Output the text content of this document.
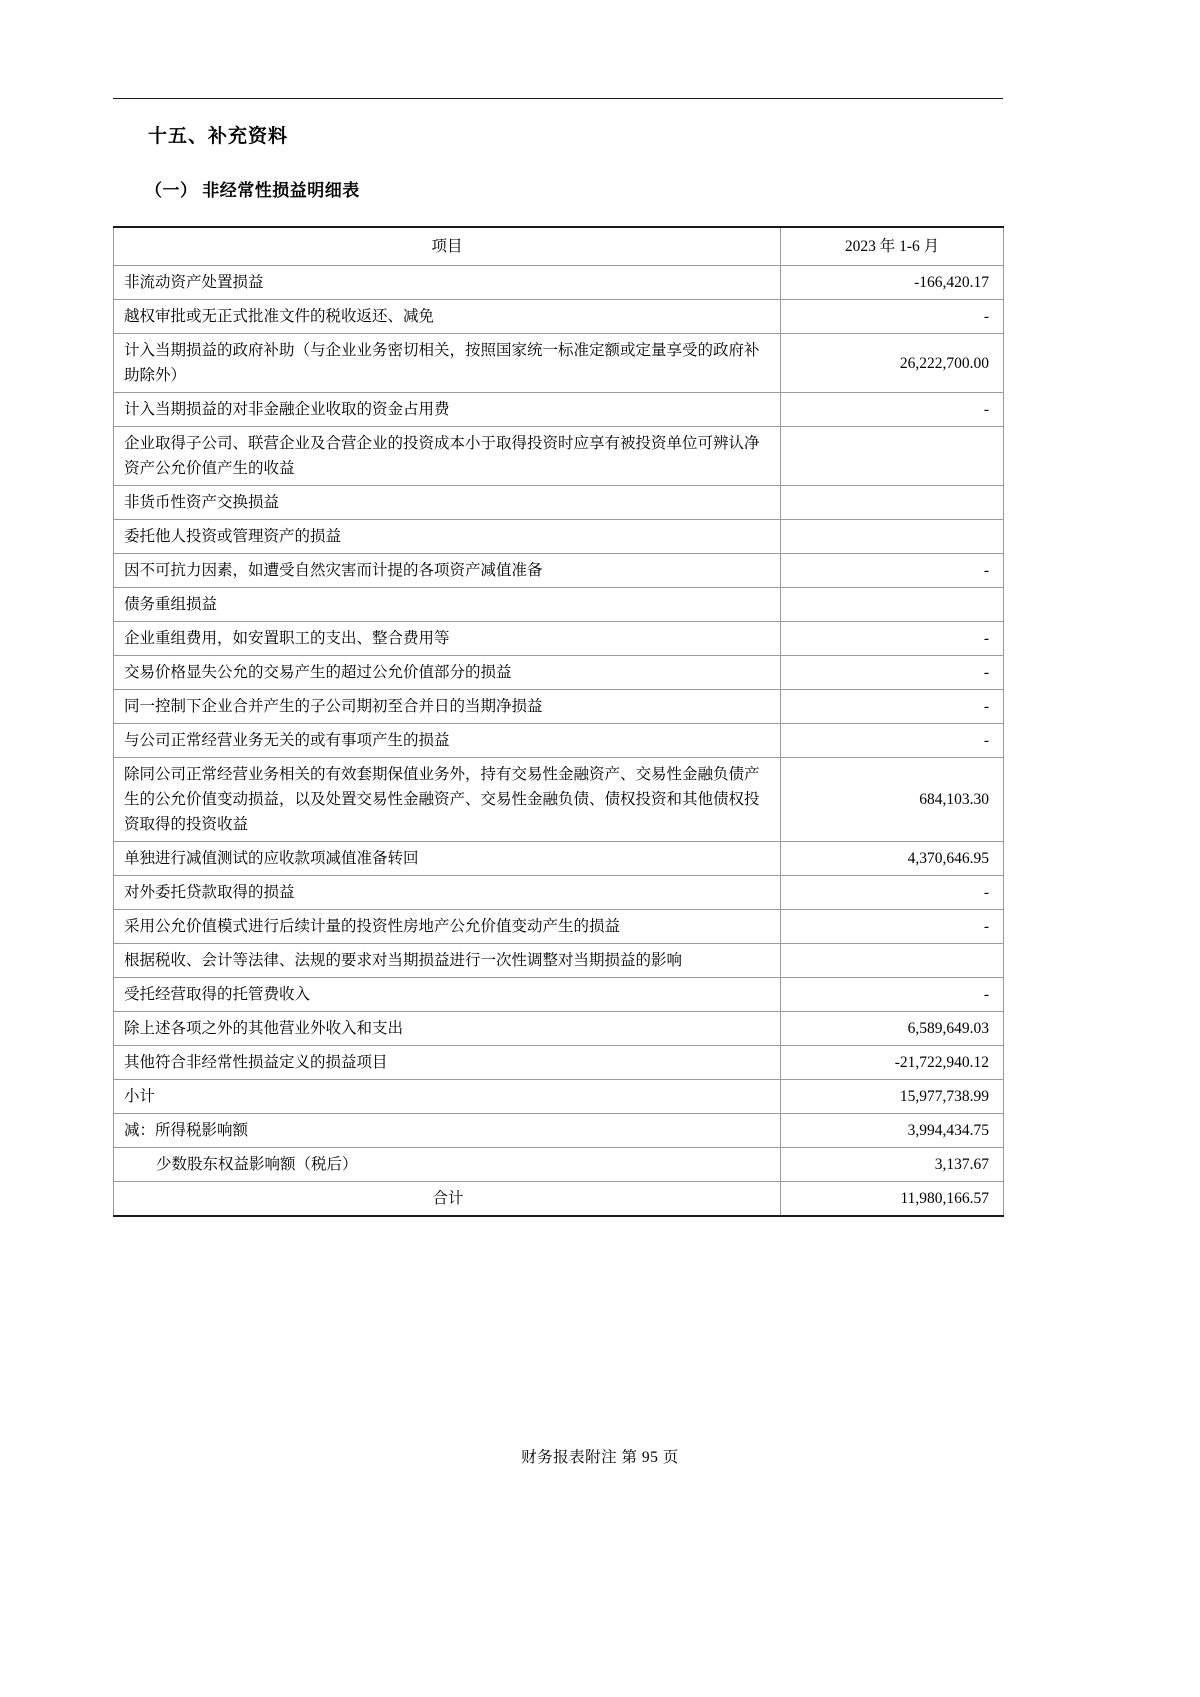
十五、补充资料
（一） 非经常性损益明细表
项目	2023 年 1-6 月
非流动资产处置损益	-166,420.17
越权审批或无正式批准文件的税收返还、减免	-
计入当期损益的政府补助（与企业业务密切相关，按照国家统一标准定额或定量享受的政府补助除外）	26,222,700.00
计入当期损益的对非金融企业收取的资金占用费	-
企业取得子公司、联营企业及合营企业的投资成本小于取得投资时应享有被投资单位可辨认净资产公允价值产生的收益	
非货币性资产交换损益	
委托他人投资或管理资产的损益	
因不可抗力因素，如遭受自然灾害而计提的各项资产减值准备	-
债务重组损益	
企业重组费用，如安置职工的支出、整合费用等	-
交易价格显失公允的交易产生的超过公允价值部分的损益	-
同一控制下企业合并产生的子公司期初至合并日的当期净损益	-
与公司正常经营业务无关的或有事项产生的损益	-
除同公司正常经营业务相关的有效套期保值业务外，持有交易性金融资产、交易性金融负债产生的公允价值变动损益，以及处置交易性金融资产、交易性金融负债、债权投资和其他债权投资取得的投资收益	684,103.30
单独进行减值测试的应收款项减值准备转回	4,370,646.95
对外委托贷款取得的损益	-
采用公允价值模式进行后续计量的投资性房地产公允价值变动产生的损益	-
根据税收、会计等法律、法规的要求对当期损益进行一次性调整对当期损益的影响	
受托经营取得的托管费收入	-
除上述各项之外的其他营业外收入和支出	6,589,649.03
其他符合非经常性损益定义的损益项目	-21,722,940.12
小计	15,977,738.99
减：所得税影响额	3,994,434.75
少数股东权益影响额（税后）	3,137.67
合计	11,980,166.57
财务报表附注 第 95 页
